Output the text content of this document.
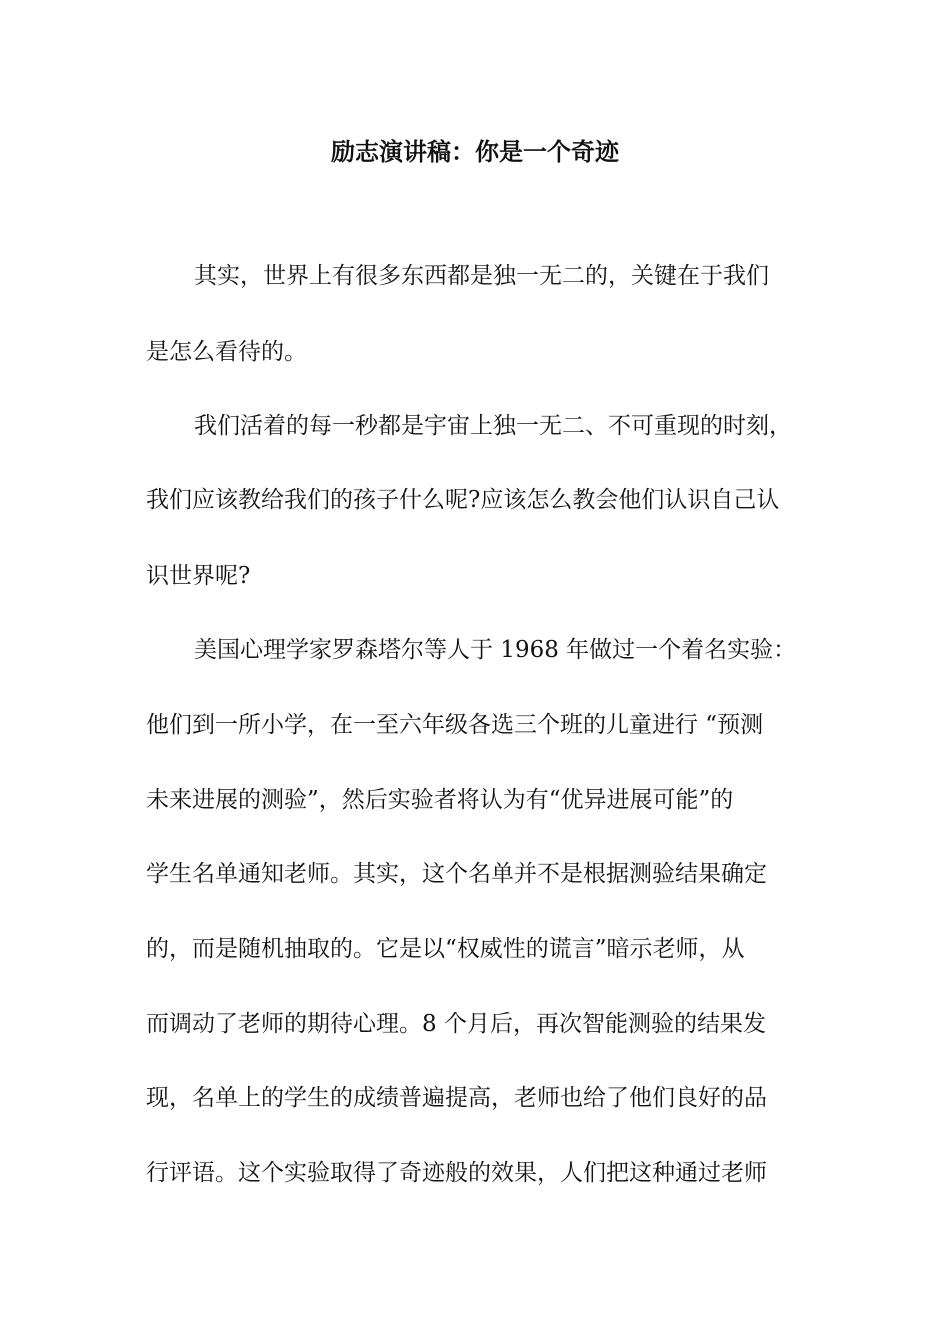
励志演讲稿：你是一个奇迹
其实，世界上有很多东西都是独一无二的，关键在于我们
是怎么看待的。
我们活着的每一秒都是宇宙上独一无二、不可重现的时刻，
我们应该教给我们的孩子什么呢?应该怎么教会他们认识自己认
识世界呢?
美国心理学家罗森塔尔等人于 1968 年做过一个着名实验：
他们到一所小学，在一至六年级各选三个班的儿童进行 “预测
未来进展的测验”，然后实验者将认为有“优异进展可能”的
学生名单通知老师。其实，这个名单并不是根据测验结果确定
的，而是随机抽取的。它是以“权威性的谎言”暗示老师，从
而调动了老师的期待心理。8 个月后，再次智能测验的结果发
现，名单上的学生的成绩普遍提高，老师也给了他们良好的品
行评语。这个实验取得了奇迹般的效果，人们把这种通过老师
